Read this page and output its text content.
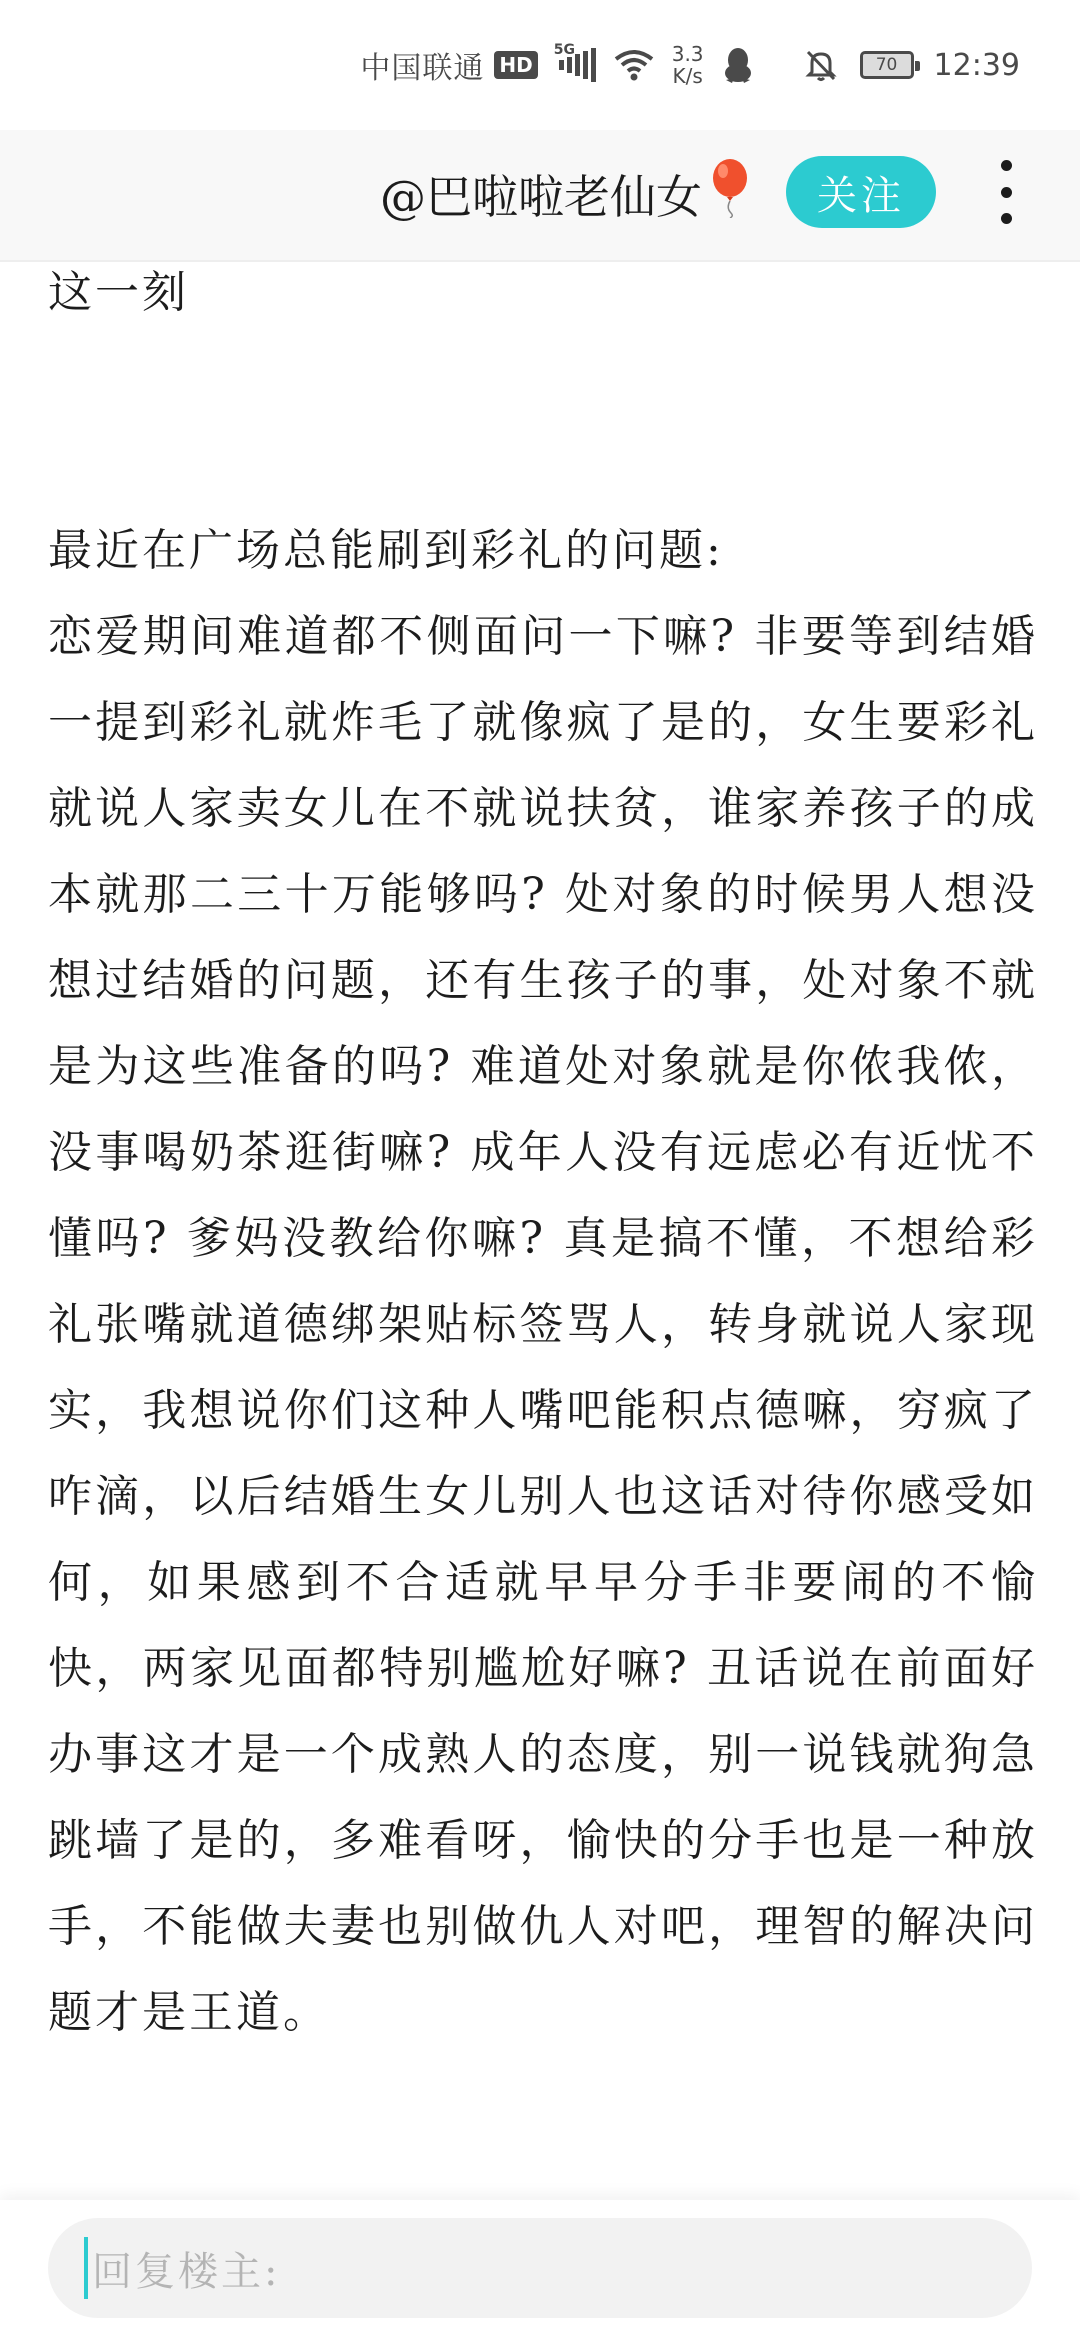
中国联通 HD
5G	3.3
K/s	70 12:39
@巴啦啦老仙女	关注

这一刻

最近在广场总能刷到彩礼的问题:
恋爱期间难道都不侧面问一下嘛? 非要等到结婚一提到彩礼就炸毛了就像疯了是的，女生要彩礼就说人家卖女儿在不就说扶贫，谁家养孩子的成本就那二三十万能够吗? 处对象的时候男人想没想过结婚的问题，还有生孩子的事，处对象不就是为这些准备的吗? 难道处对象就是你侬我侬，没事喝奶茶逛街嘛? 成年人没有远虑必有近忧不懂吗? 爹妈没教给你嘛? 真是搞不懂，不想给彩礼张嘴就道德绑架贴标签骂人，转身就说人家现实，我想说你们这种人嘴吧能积点德嘛，穷疯了咋滴，以后结婚生女儿别人也这话对待你感受如何，如果感到不合适就早早分手非要闹的不愉快，两家见面都特别尴尬好嘛? 丑话说在前面好办事这才是一个成熟人的态度，别一说钱就狗急跳墙了是的，多难看呀，愉快的分手也是一种放手，不能做夫妻也别做仇人对吧，理智的解决问题才是王道。

回复楼主:
